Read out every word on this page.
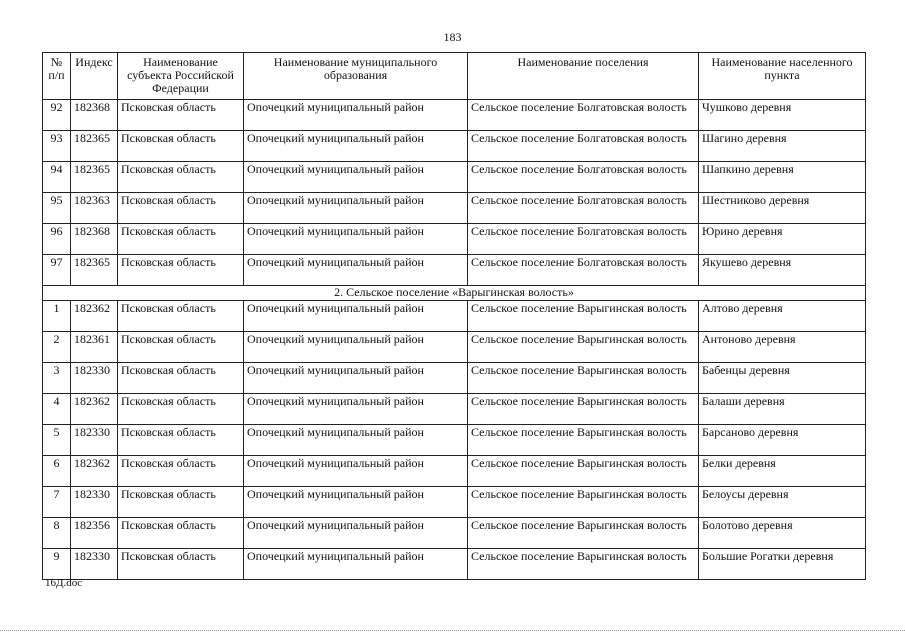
183
№ п/п	Индекс	Наименование субъекта Российской Федерации	Наименование муниципального образования	Наименование поселения	Наименование населенного пункта
92	182368	Псковская область	Опочецкий муниципальный район	Сельское поселение Болгатовская волость	Чушково деревня
93	182365	Псковская область	Опочецкий муниципальный район	Сельское поселение Болгатовская волость	Шагино деревня
94	182365	Псковская область	Опочецкий муниципальный район	Сельское поселение Болгатовская волость	Шапкино деревня
95	182363	Псковская область	Опочецкий муниципальный район	Сельское поселение Болгатовская волость	Шестниково деревня
96	182368	Псковская область	Опочецкий муниципальный район	Сельское поселение Болгатовская волость	Юрино деревня
97	182365	Псковская область	Опочецкий муниципальный район	Сельское поселение Болгатовская волость	Якушево деревня
2. Сельское поселение «Варыгинская волость»					
1	182362	Псковская область	Опочецкий муниципальный район	Сельское поселение Варыгинская волость	Алтово деревня
2	182361	Псковская область	Опочецкий муниципальный район	Сельское поселение Варыгинская волость	Антоново деревня
3	182330	Псковская область	Опочецкий муниципальный район	Сельское поселение Варыгинская волость	Бабенцы деревня
4	182362	Псковская область	Опочецкий муниципальный район	Сельское поселение Варыгинская волость	Балаши деревня
5	182330	Псковская область	Опочецкий муниципальный район	Сельское поселение Варыгинская волость	Барсаново деревня
6	182362	Псковская область	Опочецкий муниципальный район	Сельское поселение Варыгинская волость	Белки деревня
7	182330	Псковская область	Опочецкий муниципальный район	Сельское поселение Варыгинская волость	Белоусы деревня
8	182356	Псковская область	Опочецкий муниципальный район	Сельское поселение Варыгинская волость	Болотово деревня
9	182330	Псковская область	Опочецкий муниципальный район	Сельское поселение Варыгинская волость	Большие Рогатки деревня
16Д.doc
